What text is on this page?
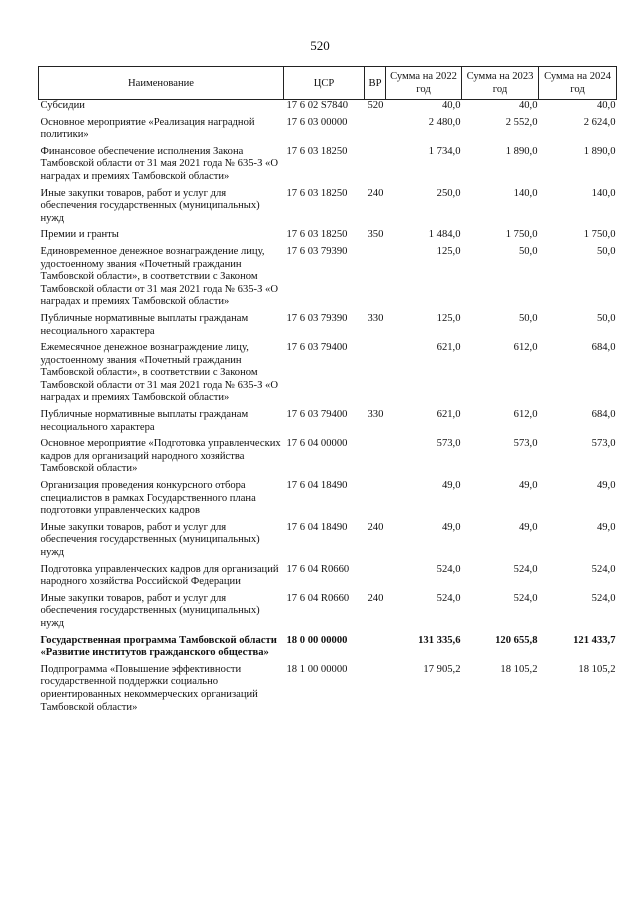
520
Наименование	ЦСР	ВР	Сумма на 2022 год	Сумма на 2023 год	Сумма на 2024 год
Субсидии	17 6 02 S7840	520	40,0	40,0	40,0
Основное мероприятие «Реализация наградной политики»	17 6 03 00000		2 480,0	2 552,0	2 624,0
Финансовое обеспечение исполнения Закона Тамбовской области от 31 мая 2021 года № 635-З «О наградах и премиях Тамбовской области»	17 6 03 18250		1 734,0	1 890,0	1 890,0
Иные закупки товаров, работ и услуг для обеспечения государственных (муниципальных) нужд	17 6 03 18250	240	250,0	140,0	140,0
Премии и гранты	17 6 03 18250	350	1 484,0	1 750,0	1 750,0
Единовременное денежное вознаграждение лицу, удостоенному звания «Почетный гражданин Тамбовской области», в соответствии с Законом Тамбовской области от 31 мая 2021 года № 635-З «О наградах и премиях Тамбовской области»	17 6 03 79390		125,0	50,0	50,0
Публичные нормативные выплаты гражданам несоциального характера	17 6 03 79390	330	125,0	50,0	50,0
Ежемесячное денежное вознаграждение лицу, удостоенному звания «Почетный гражданин Тамбовской области», в соответствии с Законом Тамбовской области от 31 мая 2021 года № 635-З «О наградах и премиях Тамбовской области»	17 6 03 79400		621,0	612,0	684,0
Публичные нормативные выплаты гражданам несоциального характера	17 6 03 79400	330	621,0	612,0	684,0
Основное мероприятие «Подготовка управленческих кадров для организаций народного хозяйства Тамбовской области»	17 6 04 00000		573,0	573,0	573,0
Организация проведения конкурсного отбора специалистов в рамках Государственного плана подготовки управленческих кадров	17 6 04 18490		49,0	49,0	49,0
Иные закупки товаров, работ и услуг для обеспечения государственных (муниципальных) нужд	17 6 04 18490	240	49,0	49,0	49,0
Подготовка управленческих кадров для организаций народного хозяйства Российской Федерации	17 6 04 R0660		524,0	524,0	524,0
Иные закупки товаров, работ и услуг для обеспечения государственных (муниципальных) нужд	17 6 04 R0660	240	524,0	524,0	524,0
Государственная программа Тамбовской области «Развитие институтов гражданского общества»	18 0 00 00000		131 335,6	120 655,8	121 433,7
Подпрограмма «Повышение эффективности государственной поддержки социально ориентированных некоммерческих организаций Тамбовской области»	18 1 00 00000		17 905,2	18 105,2	18 105,2
